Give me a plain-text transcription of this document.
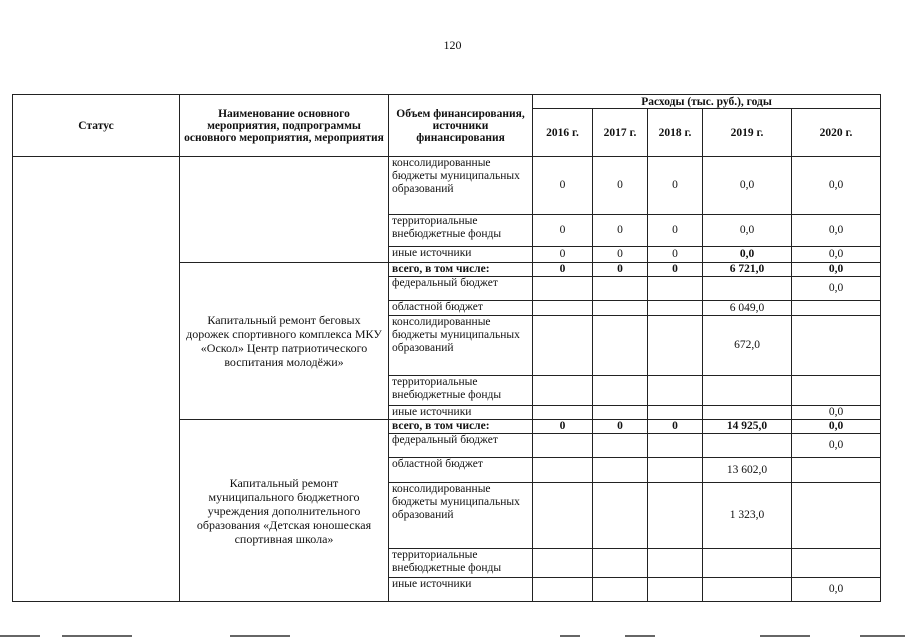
120
Статус	Наименование основного мероприятия, подпрограммы основного мероприятия, мероприятия	Объем финансирования, источники финансирования	Расходы (тыс. руб.), годы				
			2016 г.	2017 г.	2018 г.	2019 г.	2020 г.
		консолидированные бюджеты муниципальных образований	0	0	0	0,0	0,0
		территориальные внебюджетные фонды	0	0	0	0,0	0,0
		иные источники	0	0	0	0,0	0,0
	Капитальный ремонт беговых дорожек спортивного комплекса МКУ «Оскол» Центр патриотического воспитания молодёжи»	всего, в том числе:	0	0	0	6 721,0	0,0
		федеральный бюджет					0,0
		областной бюджет				6 049,0	
		консолидированные бюджеты муниципальных образований				672,0	
		территориальные внебюджетные фонды					
		иные источники					0,0
	Капитальный ремонт муниципального бюджетного учреждения дополнительного образования «Детская юношеская спортивная школа»	всего, в том числе:	0	0	0	14 925,0	0,0
		федеральный бюджет					0,0
		областной бюджет				13 602,0	
		консолидированные бюджеты муниципальных образований				1 323,0	
		территориальные внебюджетные фонды					
		иные источники					0,0
